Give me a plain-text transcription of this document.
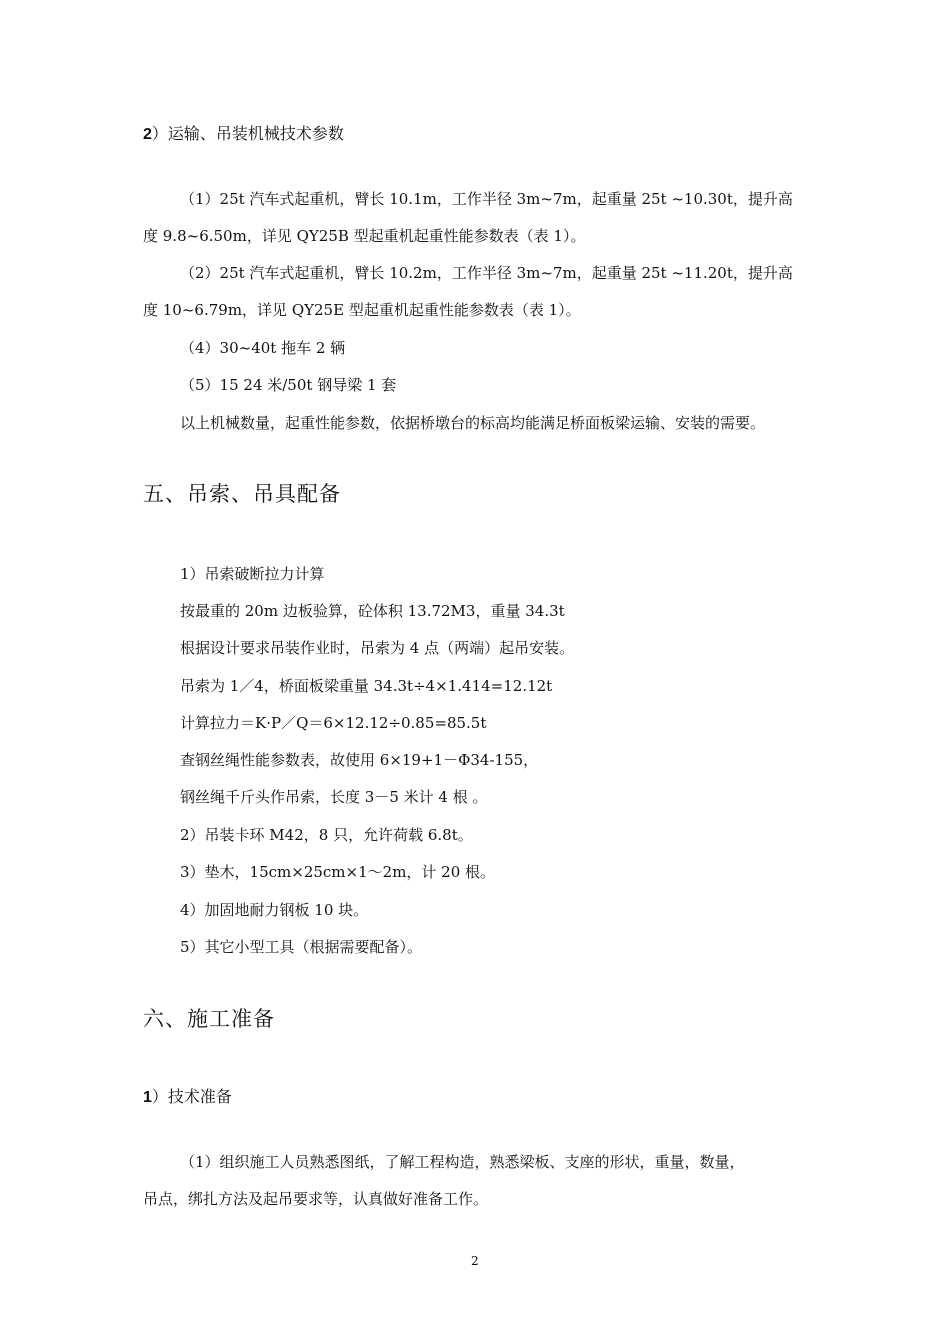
2）运输、吊装机械技术参数
（1）25t 汽车式起重机，臂长 10.1m，工作半径 3m~7m，起重量 25t ~10.30t，提升高
度 9.8~6.50m，详见 QY25B 型起重机起重性能参数表（表 1）。
（2）25t 汽车式起重机，臂长 10.2m，工作半径 3m~7m，起重量 25t ~11.20t，提升高
度 10~6.79m，详见 QY25E 型起重机起重性能参数表（表 1）。
（4）30~40t 拖车 2 辆
（5）15 24 米/50t 钢导梁 1 套
以上机械数量，起重性能参数，依据桥墩台的标高均能满足桥面板梁运输、安装的需要。
五、吊索、吊具配备
1）吊索破断拉力计算
按最重的 20m 边板验算，砼体积 13.72M3，重量 34.3t
根据设计要求吊装作业时，吊索为 4 点（两端）起吊安装。
吊索为 1／4，桥面板梁重量 34.3t÷4×1.414=12.12t
计算拉力＝K·P／Q＝6×12.12÷0.85=85.5t
查钢丝绳性能参数表，故使用 6×19+1－Φ34-155，
钢丝绳千斤头作吊索，长度 3－5 米计 4 根 。
2）吊装卡环 M42，8 只，允许荷载 6.8t。
3）垫木，15cm×25cm×1～2m，计 20 根。
4）加固地耐力钢板 10 块。
5）其它小型工具（根据需要配备）。
六、施工准备
1）技术准备
（1）组织施工人员熟悉图纸，了解工程构造，熟悉梁板、支座的形状，重量，数量，
吊点，绑扎方法及起吊要求等，认真做好准备工作。
2
